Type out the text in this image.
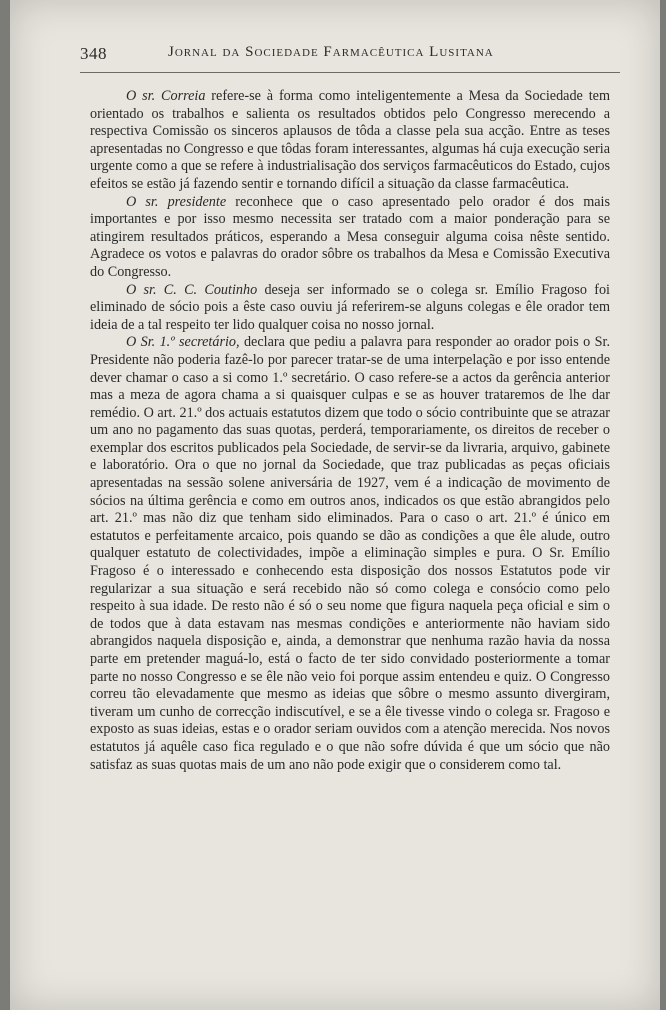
348	Jornal da Sociedade Farmacêutica Lusitana

O sr. Correia refere-se à forma como inteligentemente a Mesa da Sociedade tem orientado os trabalhos e salienta os resultados obtidos pelo Congresso merecendo a respectiva Comissão os sinceros aplausos de tôda a classe pela sua acção. Entre as teses apresentadas no Congresso e que tôdas foram interessantes, algumas há cuja execução seria urgente como a que se refere à industrialisação dos serviços farmacêuticos do Estado, cujos efeitos se estão já fazendo sentir e tornando difícil a situação da classe farmacêutica.

O sr. presidente reconhece que o caso apresentado pelo orador é dos mais importantes e por isso mesmo necessita ser tratado com a maior ponderação para se atingirem resultados práticos, esperando a Mesa conseguir alguma coisa nêste sentido. Agradece os votos e palavras do orador sôbre os trabalhos da Mesa e Comissão Executiva do Congresso.

O sr. C. C. Coutinho deseja ser informado se o colega sr. Emílio Fragoso foi eliminado de sócio pois a êste caso ouviu já referirem-se alguns colegas e êle orador tem ideia de a tal respeito ter lido qualquer coisa no nosso jornal.

O Sr. 1.º secretário, declara que pediu a palavra para responder ao orador pois o Sr. Presidente não poderia fazê-lo por parecer tratar-se de uma interpelação e por isso entende dever chamar o caso a si como 1.º secretário. O caso refere-se a actos da gerência anterior mas a meza de agora chama a si quaisquer culpas e se as houver trataremos de lhe dar remédio. O art. 21.º dos actuais estatutos dizem que todo o sócio contribuinte que se atrazar um ano no pagamento das suas quotas, perderá, temporariamente, os direitos de receber o exemplar dos escritos publicados pela Sociedade, de servir-se da livraria, arquivo, gabinete e laboratório. Ora o que no jornal da Sociedade, que traz publicadas as peças oficiais apresentadas na sessão solene aniversária de 1927, vem é a indicação de movimento de sócios na última gerência e como em outros anos, indicados os que estão abrangidos pelo art. 21.º mas não diz que tenham sido eliminados. Para o caso o art. 21.º é único em estatutos e perfeitamente arcaico, pois quando se dão as condições a que êle alude, outro qualquer estatuto de colectividades, impõe a eliminação simples e pura. O Sr. Emílio Fragoso é o interessado e conhecendo esta disposição dos nossos Estatutos pode vir regularizar a sua situação e será recebido não só como colega e consócio como pelo respeito à sua idade. De resto não é só o seu nome que figura naquela peça oficial e sim o de todos que à data estavam nas mesmas condições e anteriormente não haviam sido abrangidos naquela disposição e, ainda, a demonstrar que nenhuma razão havia da nossa parte em pretender maguá-lo, está o facto de ter sido convidado posteriormente a tomar parte no nosso Congresso e se êle não veio foi porque assim entendeu e quiz. O Congresso correu tão elevadamente que mesmo as ideias que sôbre o mesmo assunto divergiram, tiveram um cunho de correcção indiscutível, e se a êle tivesse vindo o colega sr. Fragoso e exposto as suas ideias, estas e o orador seriam ouvidos com a atenção merecida. Nos novos estatutos já aquêle caso fica regulado e o que não sofre dúvida é que um sócio que não satisfaz as suas quotas mais de um ano não pode exigir que o considerem como tal.
